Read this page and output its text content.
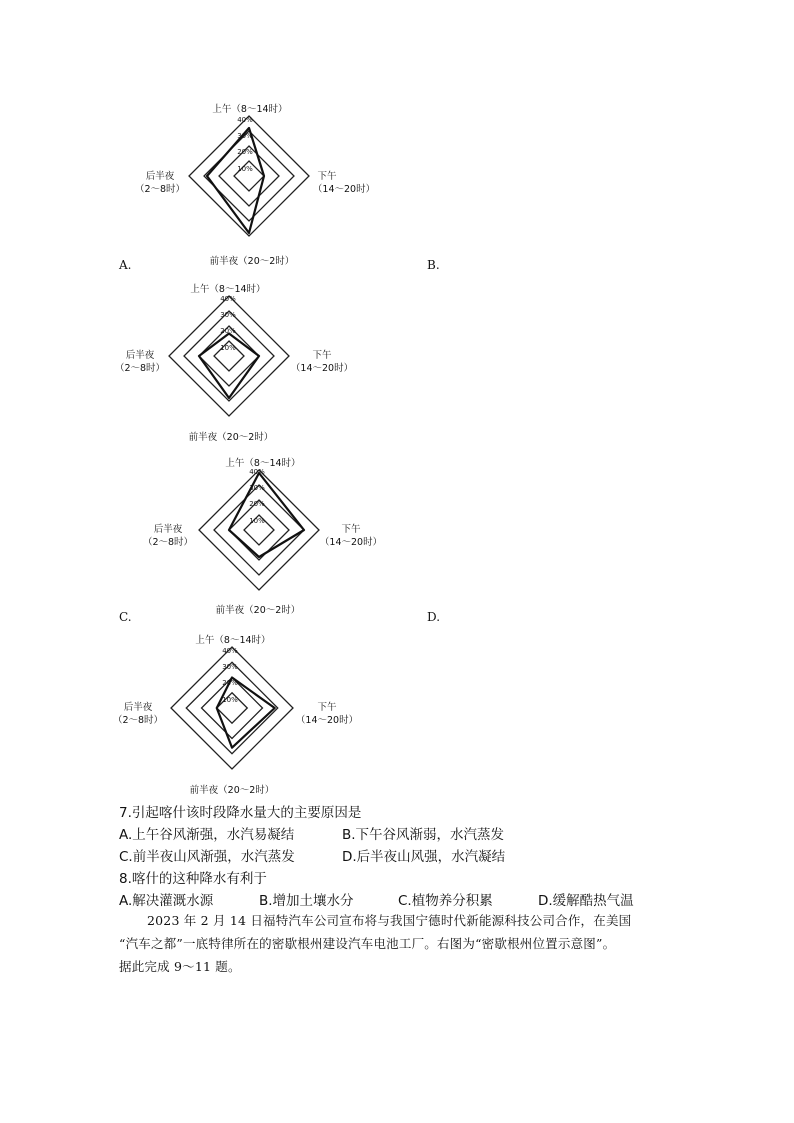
上午（8～14时）
下午
（14～20时）
后半夜
（2～8时）
前半夜（20～2时）
40%
30%
20%
10%
A.	B.
上午（8～14时）
下午
（14～20时）
后半夜
（2～8时）
前半夜（20～2时）
40%
30%
20%
10%
上午（8～14时）
下午
（14～20时）
后半夜
（2～8时）
前半夜（20～2时）
40%
30%
20%
10%
C.	D.
上午（8～14时）
下午
（14～20时）
后半夜
（2～8时）
前半夜（20～2时）
40%
30%
20%
10%
7.引起喀什该时段降水量大的主要原因是
A.上午谷风渐强，水汽易凝结	B.下午谷风渐弱，水汽蒸发
C.前半夜山风渐强，水汽蒸发	D.后半夜山风强，水汽凝结
8.喀什的这种降水有利于
A.解决灌溉水源	B.增加土壤水分	C.植物养分积累	D.缓解酷热气温
2023 年 2 月 14 日福特汽车公司宣布将与我国宁德时代新能源科技公司合作，在美国
“汽车之都”一底特律所在的密歇根州建设汽车电池工厂。右图为“密歇根州位置示意图”。
据此完成 9～11 题。
